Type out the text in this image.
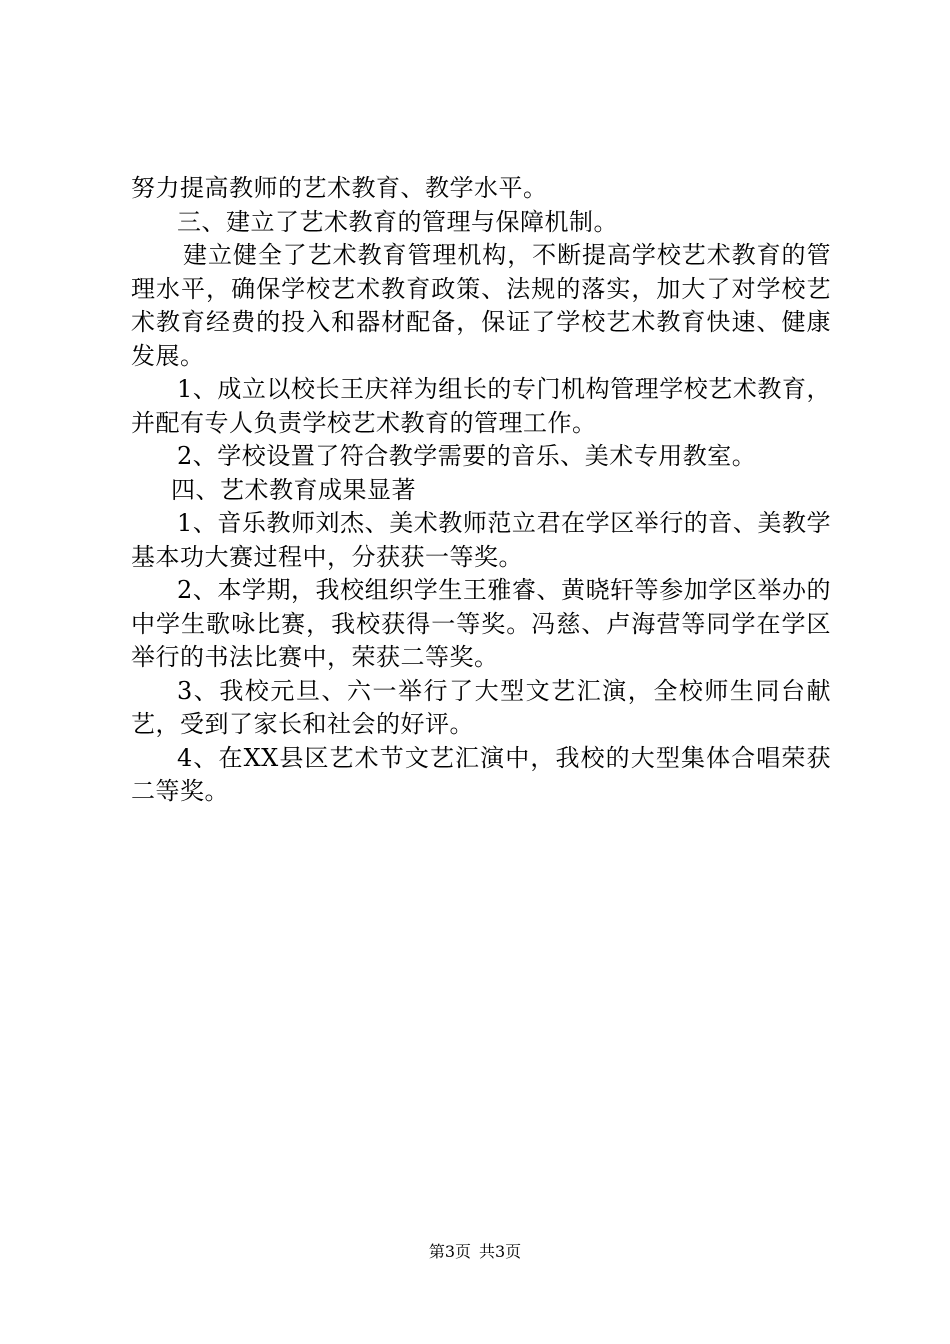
努力提高教师的艺术教育、教学水平。

三、建立了艺术教育的管理与保障机制。

建立健全了艺术教育管理机构，不断提高学校艺术教育的管理水平，确保学校艺术教育政策、法规的落实，加大了对学校艺术教育经费的投入和器材配备，保证了学校艺术教育快速、健康发展。

1、成立以校长王庆祥为组长的专门机构管理学校艺术教育，并配有专人负责学校艺术教育的管理工作。

2、学校设置了符合教学需要的音乐、美术专用教室。

四、艺术教育成果显著

1、音乐教师刘杰、美术教师范立君在学区举行的音、美教学基本功大赛过程中，分获获一等奖。

2、本学期，我校组织学生王雅睿、黄晓轩等参加学区举办的中学生歌咏比赛，我校获得一等奖。冯慈、卢海营等同学在学区举行的书法比赛中，荣获二等奖。

3、我校元旦、六一举行了大型文艺汇演，全校师生同台献艺，受到了家长和社会的好评。

4、在XX县区艺术节文艺汇演中，我校的大型集体合唱荣获二等奖。

第3页 共3页
